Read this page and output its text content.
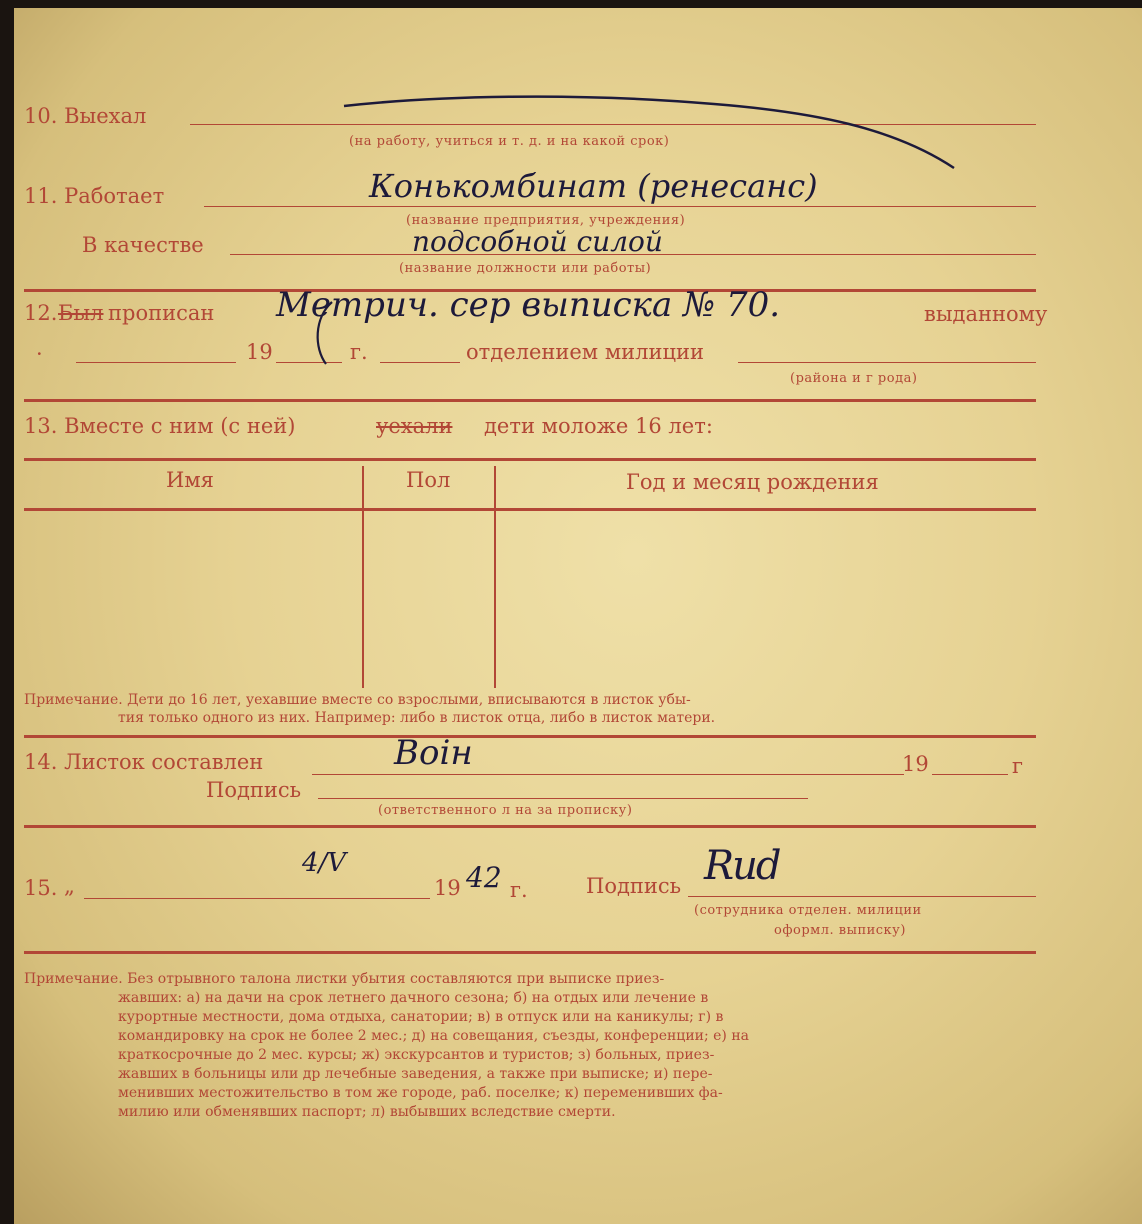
10. Выехал
(на работу, учиться и т. д. и на какой срок)
11. Работает	Конькомбинат (ренесанс)
(название предприятия, учреждения)
В качестве	подсобной силой
(название должности или работы)
12. Был прописан Метрич. сер выписка № 70.	выданному
·	19	г.	отделением милиции
(района и г рода)
13. Вместе с ним (с ней)	уехали дети моложе 16 лет:
Имя	Пол	Год и месяц рождения
Примечание. Дети до 16 лет, уехавшие вместе со взрослыми, вписываются в листок убы-
тия только одного из них. Например: либо в листок отца, либо в листок матери.
14. Листок составлен	Воін	19	г
Подпись
(ответственного л на за прописку)
15. „
4/V
19 42 г.	Подпись Rud
(сотрудника отделен. милиции
оформл. выписку)
Примечание. Без отрывного талона листки убытия составляются при выписке приез-
жавших: а) на дачи на срок летнего дачного сезона; б) на отдых или лечение в
курортные местности, дома отдыха, санатории; в) в отпуск или на каникулы; г) в
командировку на срок не более 2 мес.; д) на совещания, съезды, конференции; е) на
краткосрочные до 2 мес. курсы; ж) экскурсантов и туристов; з) больных, приез-
жавших в больницы или др лечебные заведения, а также при выписке; и) пере-
менивших местожительство в том же городе, раб. поселке; к) переменивших фа-
милию или обменявших паспорт; л) выбывших вследствие смерти.
